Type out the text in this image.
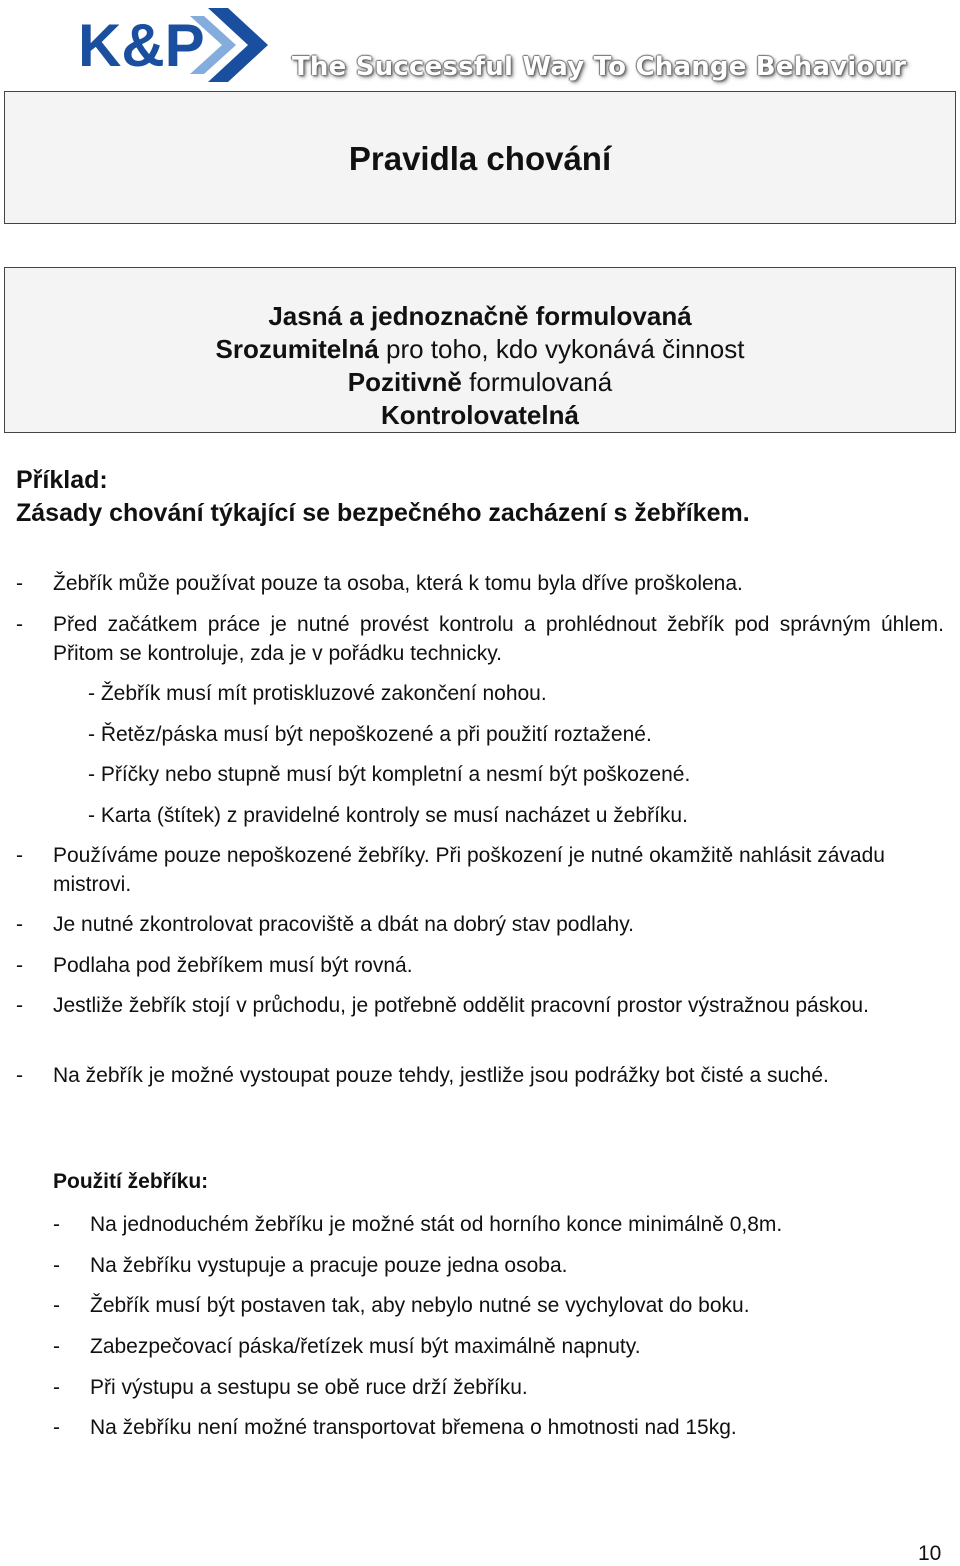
K&P	The Successful Way To Change Behaviour
Pravidla chování
Jasná a jednoznačně formulovaná
Srozumitelná pro toho, kdo vykonává činnost
Pozitivně formulovaná
Kontrolovatelná
Příklad:
Zásady chování týkající se bezpečného zacházení s žebříkem.
- Žebřík může používat pouze ta osoba, která k tomu byla dříve proškolena.
- Před začátkem práce je nutné provést kontrolu a prohlédnout žebřík pod správným úhlem. Přitom se kontroluje, zda je v pořádku technicky.
- Žebřík musí mít protiskluzové zakončení nohou.
- Řetěz/páska musí být nepoškozené a při použití roztažené.
- Příčky nebo stupně musí být kompletní a nesmí být poškozené.
- Karta (štítek) z pravidelné kontroly se musí nacházet u žebříku.
- Používáme pouze nepoškozené žebříky. Při poškození je nutné okamžitě nahlásit závadu mistrovi.
- Je nutné zkontrolovat pracoviště a dbát na dobrý stav podlahy.
- Podlaha pod žebříkem musí být rovná.
- Jestliže žebřík stojí v průchodu, je potřebně oddělit pracovní prostor výstražnou páskou.
- Na žebřík je možné vystoupat pouze tehdy, jestliže jsou podrážky bot čisté a suché.
Použití žebříku:
- Na jednoduchém žebříku je možné stát od horního konce minimálně 0,8m.
- Na žebříku vystupuje a pracuje pouze jedna osoba.
- Žebřík musí být postaven tak, aby nebylo nutné se vychylovat do boku.
- Zabezpečovací páska/řetízek musí být maximálně napnuty.
- Při výstupu a sestupu se obě ruce drží žebříku.
- Na žebříku není možné transportovat břemena o hmotnosti nad 15kg.
10
